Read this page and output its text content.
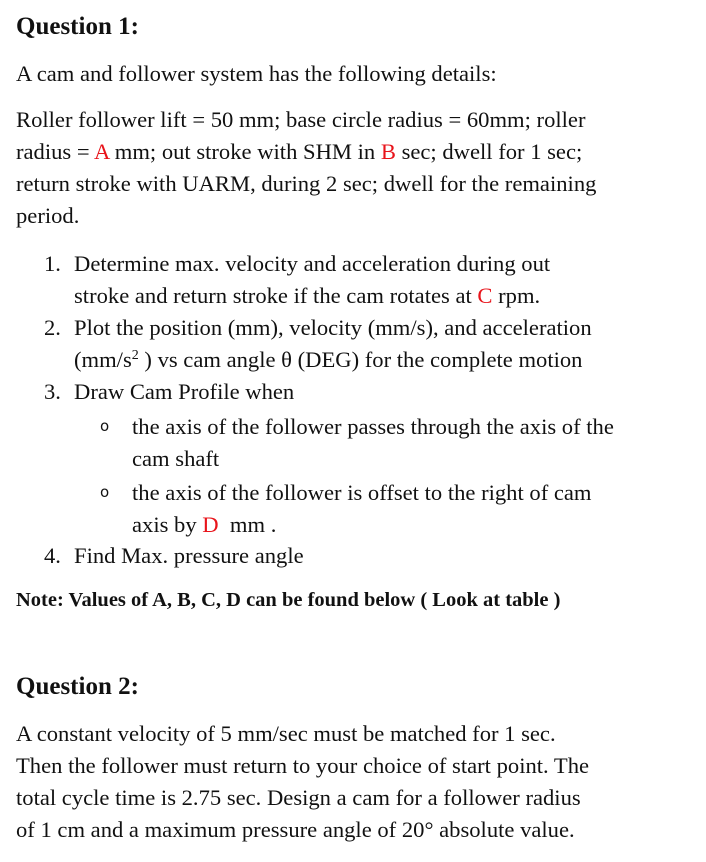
Question 1:
A cam and follower system has the following details:
Roller follower lift = 50 mm; base circle radius = 60mm; roller
radius = A mm; out stroke with SHM in B sec; dwell for 1 sec;
return stroke with UARM, during 2 sec; dwell for the remaining
period.
1. Determine max. velocity and acceleration during out
stroke and return stroke if the cam rotates at C rpm.
2. Plot the position (mm), velocity (mm/s), and acceleration
($mm/s^2$ ) vs cam angle θ (DEG) for the complete motion
3. Draw Cam Profile when
o the axis of the follower passes through the axis of the
cam shaft
o the axis of the follower is offset to the right of cam
axis by D  mm .
4. Find Max. pressure angle
Note: Values of A, B, C, D can be found below ( Look at table )
Question 2:
A constant velocity of 5 mm/sec must be matched for 1 sec.
Then the follower must return to your choice of start point. The
total cycle time is 2.75 sec. Design a cam for a follower radius
of 1 cm and a maximum pressure angle of 20° absolute value.
